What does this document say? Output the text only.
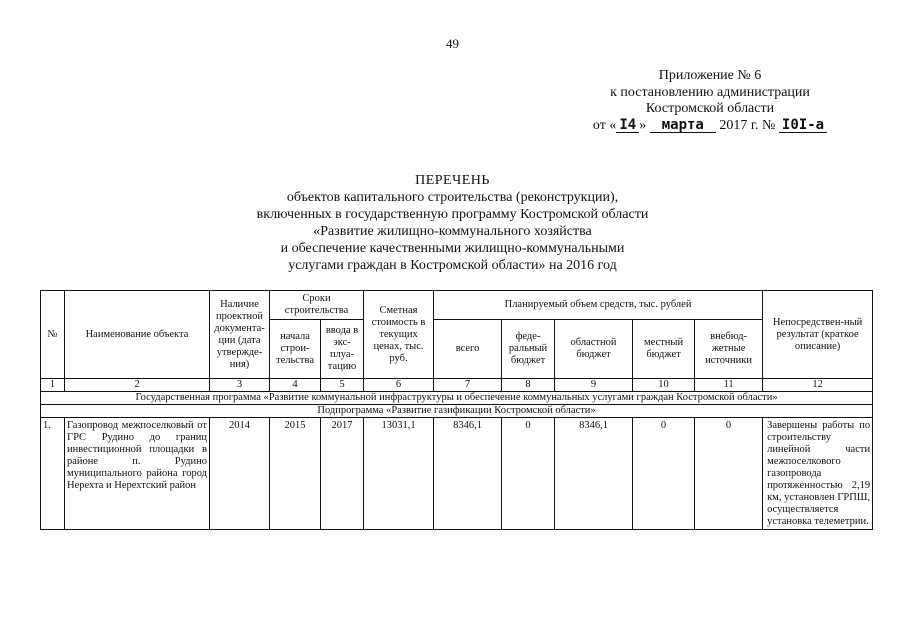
49
Приложение № 6
к постановлению администрации
Костромской области
от « I4 » марта 2017 г. № I0I-а
ПЕРЕЧЕНЬ
объектов капитального строительства (реконструкции),
включенных в государственную программу Костромской области
«Развитие жилищно-коммунального хозяйства
и обеспечение качественными жилищно-коммунальными
услугами граждан в Костромской области» на 2016 год
№	Наименование объекта	Наличие проектной документа-ции (дата утвержде-ния)	Сроки строительства		Сметная стоимость в текущих ценах, тыс. руб.	Планируемый объем средств, тыс. рублей					Непосредствен-ный результат (краткое описание)
			начала строи-тельства	ввода в экс-плуа-тацию		всего	феде-ральный бюджет	областной бюджет	местный бюджет	внебюд-жетные источники	
1	2	3	4	5	6	7	8	9	10	11	12
Государственная программа «Развитие коммунальной инфраструктуры и обеспечение коммунальных услугами граждан Костромской области»											
Подпрограмма «Развитие газификации Костромской области»											
1.	Газопровод межпоселковый от ГРС Рудино до границ инвестиционной площадки в районе п. Рудино муниципального района город Нерехта и Нерехтский район	2014	2015	2017	13031,1	8346,1	0	8346,1	0	0	Завершены работы по строительству линейной части межпоселкового газопровода протяженностью 2,19 км, установлен ГРПШ, осуществляется установка телеметрии.
